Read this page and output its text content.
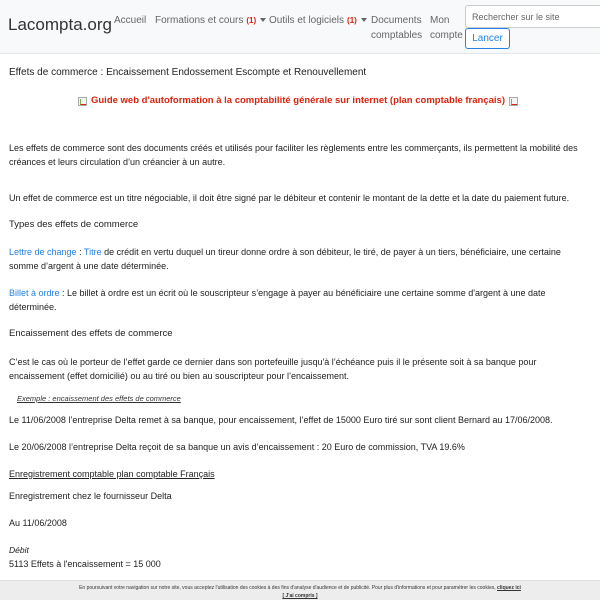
Lacompta.org Accueil Formations et cours (1)	Outils et logiciels (1)	Documents comptables
Mon compte
Rechercher sur le site Lancer
Effets de commerce : Encaissement Endossement Escompte et Renouvellement
Guide web d'autoformation à la comptabilité générale sur internet (plan comptable français)

Les effets de commerce sont des documents créés et utilisés pour faciliter les règlements entre les commerçants, ils permettent la mobilité des créances et leurs circulation d’un créancier à un autre.

Un effet de commerce est un titre négociable, il doit être signé par le débiteur et contenir le montant de la dette et la date du paiement future.

Types des effets de commerce

Lettre de change : Titre de crédit en vertu duquel un tireur donne ordre à son débiteur, le tiré, de payer à un tiers, bénéficiaire, une certaine somme d’argent à une date déterminée.

Billet à ordre : Le billet à ordre est un écrit où le souscripteur s’engage à payer au bénéficiaire une certaine somme d'argent à une date déterminée.

Encaissement des effets de commerce

C’est le cas où le porteur de l’effet garde ce dernier dans son portefeuille jusqu'à l’échéance puis il le présente soit à sa banque pour encaissement (effet domicilié) ou au tiré ou bien au souscripteur pour l’encaissement.

Exemple : encaissement des effets de commerce

Le 11/06/2008 l’entreprise Delta remet à sa banque, pour encaissement, l’effet de 15000 Euro tiré sur sont client Bernard au 17/06/2008.

Le 20/06/2008 l’entreprise Delta reçoit de sa banque un avis d’encaissement : 20 Euro de commission, TVA 19.6%

Enregistrement comptable plan comptable Français

Enregistrement chez le fournisseur Delta

Au 11/06/2008

Débit
5113 Effets à l'encaissement = 15 000
En poursuivant votre navigation sur notre site, vous acceptez l'utilisation des cookies à des fins d'analyse d'audience et de publicité. Pour plus d'informations et pour paramétrer les cookies, cliquez ici
[ J'ai compris ]
